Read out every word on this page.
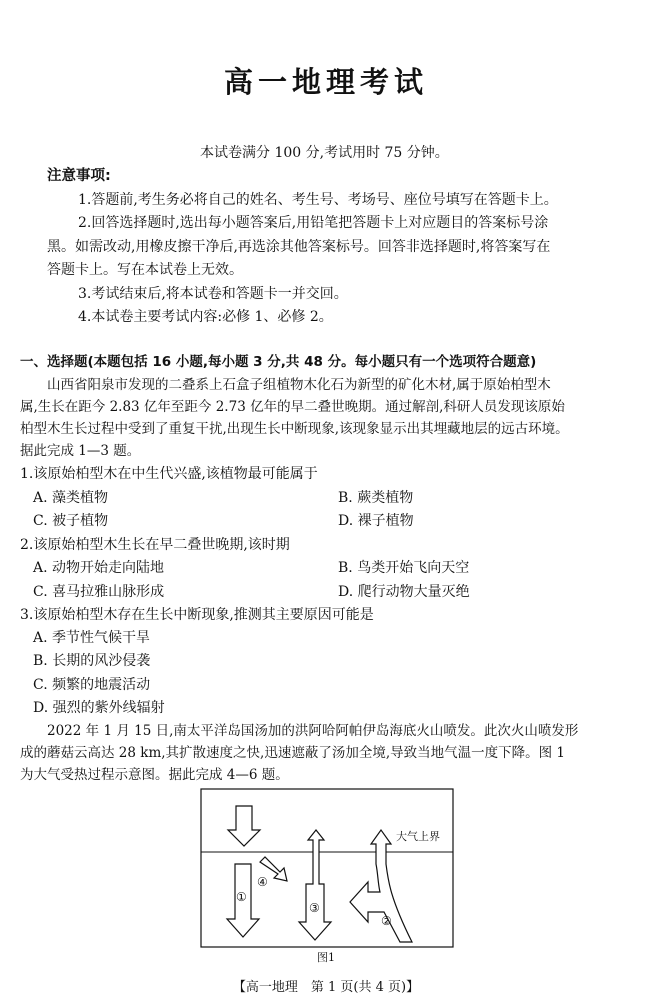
高一地理考试
本试卷满分 100 分,考试用时 75 分钟。
注意事项:
1.答题前,考生务必将自己的姓名、考生号、考场号、座位号填写在答题卡上。
2.回答选择题时,选出每小题答案后,用铅笔把答题卡上对应题目的答案标号涂
黑。如需改动,用橡皮擦干净后,再选涂其他答案标号。回答非选择题时,将答案写在
答题卡上。写在本试卷上无效。
3.考试结束后,将本试卷和答题卡一并交回。
4.本试卷主要考试内容:必修 1、必修 2。
一、选择题(本题包括 16 小题,每小题 3 分,共 48 分。每小题只有一个选项符合题意)
山西省阳泉市发现的二叠系上石盒子组植物木化石为新型的矿化木材,属于原始柏型木
属,生长在距今 2.83 亿年至距今 2.73 亿年的早二叠世晚期。通过解剖,科研人员发现该原始
柏型木生长过程中受到了重复干扰,出现生长中断现象,该现象显示出其埋藏地层的远古环境。
据此完成 1—3 题。
1.该原始柏型木在中生代兴盛,该植物最可能属于
A. 藻类植物	B. 蕨类植物
C. 被子植物	D. 裸子植物
2.该原始柏型木生长在早二叠世晚期,该时期
A. 动物开始走向陆地	B. 鸟类开始飞向天空
C. 喜马拉雅山脉形成	D. 爬行动物大量灭绝
3.该原始柏型木存在生长中断现象,推测其主要原因可能是
A. 季节性气候干旱
B. 长期的风沙侵袭
C. 频繁的地震活动
D. 强烈的紫外线辐射
2022 年 1 月 15 日,南太平洋岛国汤加的洪阿哈阿帕伊岛海底火山喷发。此次火山喷发形
成的蘑菇云高达 28 km,其扩散速度之快,迅速遮蔽了汤加全境,导致当地气温一度下降。图 1
为大气受热过程示意图。据此完成 4—6 题。
①
④
③
②
大气上界
图1
【高一地理　第 1 页(共 4 页)】
